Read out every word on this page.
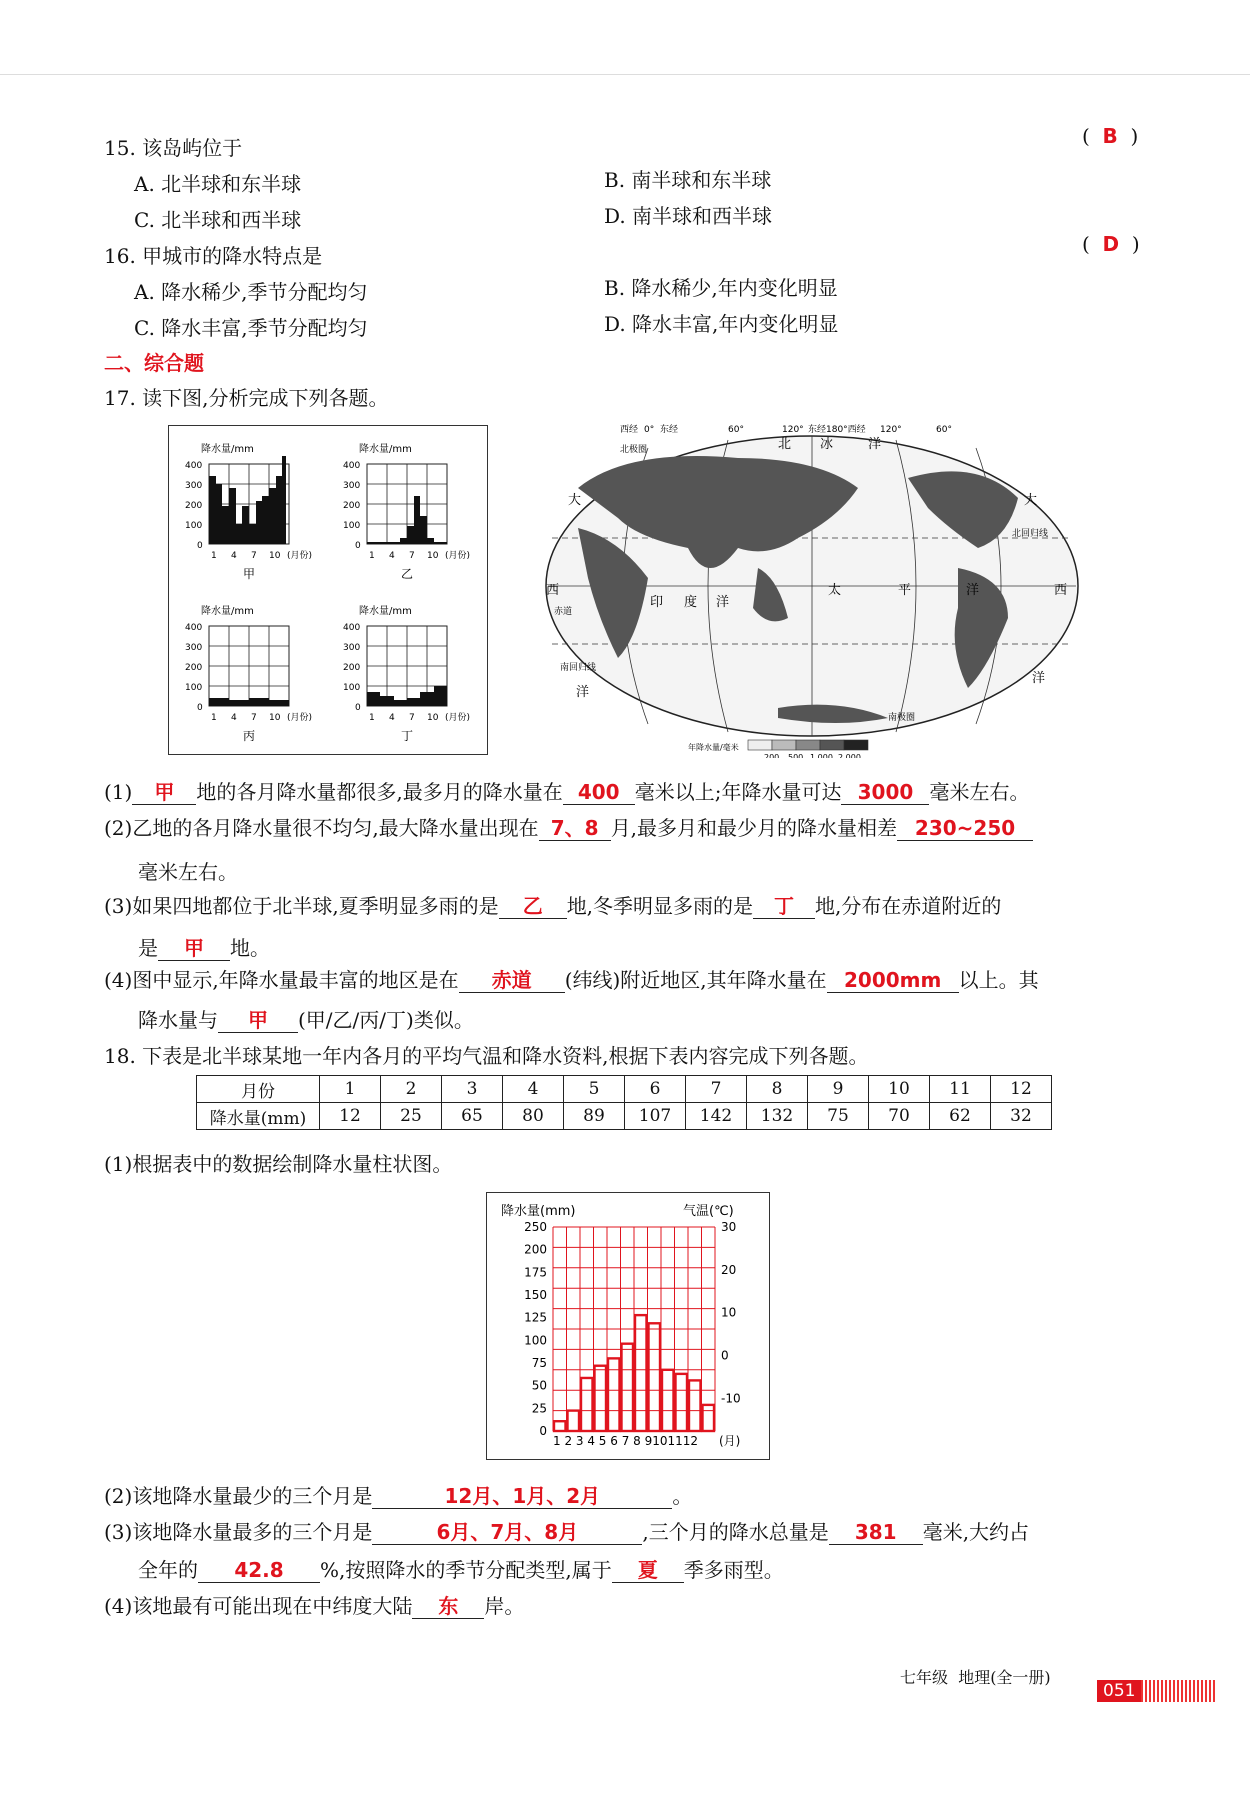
15. 该岛屿位于	(  B  )
A. 北半球和东半球	B. 南半球和东半球
C. 北半球和西半球	D. 南半球和西半球
16. 甲城市的降水特点是	(  D  )
A. 降水稀少,季节分配均匀	B. 降水稀少,年内变化明显
C. 降水丰富,季节分配均匀	D. 降水丰富,年内变化明显
二、综合题
17. 读下图,分析完成下列各题。
降水量/mm
400
300
200
100
0
1 4 7 10 (月份)
甲
降水量/mm
400
300
200
100
0
1 4 7 10 (月份)
乙
降水量/mm
400
300
200
100
0
1 4 7 10 (月份)
丙
降水量/mm
400
300
200
100
0
1 4 7 10 (月份)
丁
西经 0° 东经	60°	120° 东经180°西经 120°	60°
北 冰	洋
北极圈
大	大
北回归线
西	西
赤道
印 度 洋
太	平	洋
南回归线
洋
洋
南极圈
年降水量/毫米
200 500 1 000 2 000
(1) 甲 地的各月降水量都很多,最多月的降水量在 400 毫米以上;年降水量可达 3000 毫米左右。
(2)乙地的各月降水量很不均匀,最大降水量出现在 7、8 月,最多月和最少月的降水量相差 230~250
毫米左右。
(3)如果四地都位于北半球,夏季明显多雨的是 乙 地,冬季明显多雨的是 丁 地,分布在赤道附近的
是 甲 地。
(4)图中显示,年降水量最丰富的地区是在 赤道 (纬线)附近地区,其年降水量在 2000mm 以上。其
降水量与 甲 (甲/乙/丙/丁)类似。
18. 下表是北半球某地一年内各月的平均气温和降水资料,根据下表内容完成下列各题。
月份	1	2	3	4	5	6	7	8	9	10	11	12
降水量(mm)	12	25	65	80	89	107	142	132	75	70	62	32
(1)根据表中的数据绘制降水量柱状图。
降水量(mm)	气温(℃)
250
200
175
150
125
100
75
50
25
0
30
20
10
0
-10
1 2 3 4 5 6 7 8 9101112 (月)
(2)该地降水量最少的三个月是	12月、1月、2月	。
(3)该地降水量最多的三个月是	6月、7月、8月	,三个月的降水总量是 381 毫米,大约占
全年的 42.8 %,按照降水的季节分配类型,属于 夏 季多雨型。
(4)该地最有可能出现在中纬度大陆 东 岸。
七年级 地理(全一册)
051
